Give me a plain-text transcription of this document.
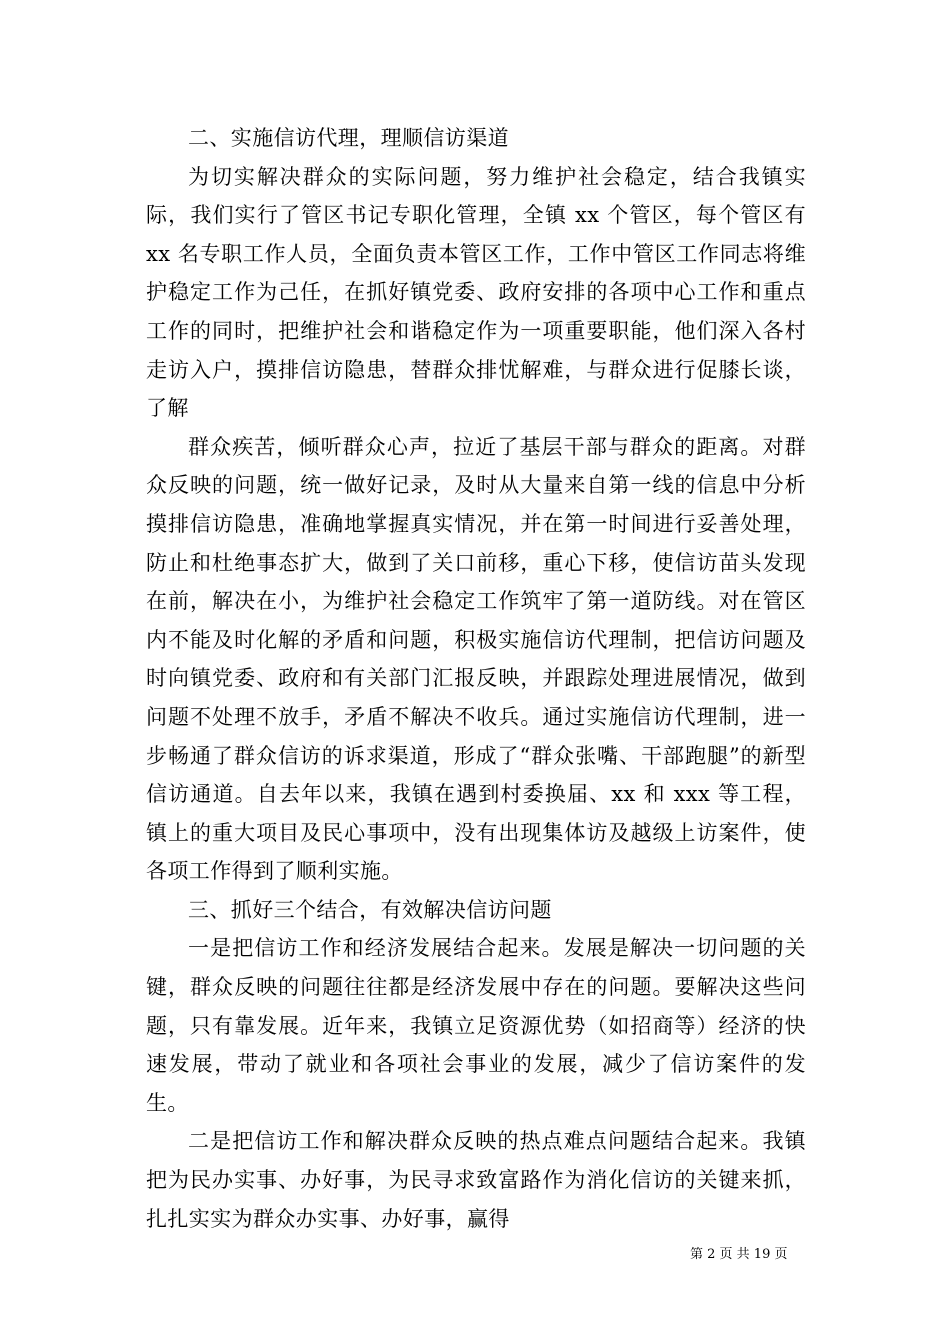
二、实施信访代理，理顺信访渠道

为切实解决群众的实际问题，努力维护社会稳定，结合我镇实际，我们实行了管区书记专职化管理，全镇 xx 个管区，每个管区有 xx 名专职工作人员，全面负责本管区工作，工作中管区工作同志将维护稳定工作为己任，在抓好镇党委、政府安排的各项中心工作和重点工作的同时，把维护社会和谐稳定作为一项重要职能，他们深入各村走访入户，摸排信访隐患，替群众排忧解难，与群众进行促膝长谈，了解

群众疾苦，倾听群众心声，拉近了基层干部与群众的距离。对群众反映的问题，统一做好记录，及时从大量来自第一线的信息中分析摸排信访隐患，准确地掌握真实情况，并在第一时间进行妥善处理，防止和杜绝事态扩大，做到了关口前移，重心下移，使信访苗头发现在前，解决在小，为维护社会稳定工作筑牢了第一道防线。对在管区内不能及时化解的矛盾和问题，积极实施信访代理制，把信访问题及时向镇党委、政府和有关部门汇报反映，并跟踪处理进展情况，做到问题不处理不放手，矛盾不解决不收兵。通过实施信访代理制，进一步畅通了群众信访的诉求渠道，形成了“群众张嘴、干部跑腿”的新型信访通道。自去年以来，我镇在遇到村委换届、xx 和 xxx 等工程，镇上的重大项目及民心事项中，没有出现集体访及越级上访案件，使各项工作得到了顺利实施。

三、抓好三个结合，有效解决信访问题

一是把信访工作和经济发展结合起来。发展是解决一切问题的关键，群众反映的问题往往都是经济发展中存在的问题。要解决这些问题，只有靠发展。近年来，我镇立足资源优势（如招商等）经济的快速发展，带动了就业和各项社会事业的发展，减少了信访案件的发生。

二是把信访工作和解决群众反映的热点难点问题结合起来。我镇把为民办实事、办好事，为民寻求致富路作为消化信访的关键来抓，扎扎实实为群众办实事、办好事，赢得

第 2 页 共 19 页
